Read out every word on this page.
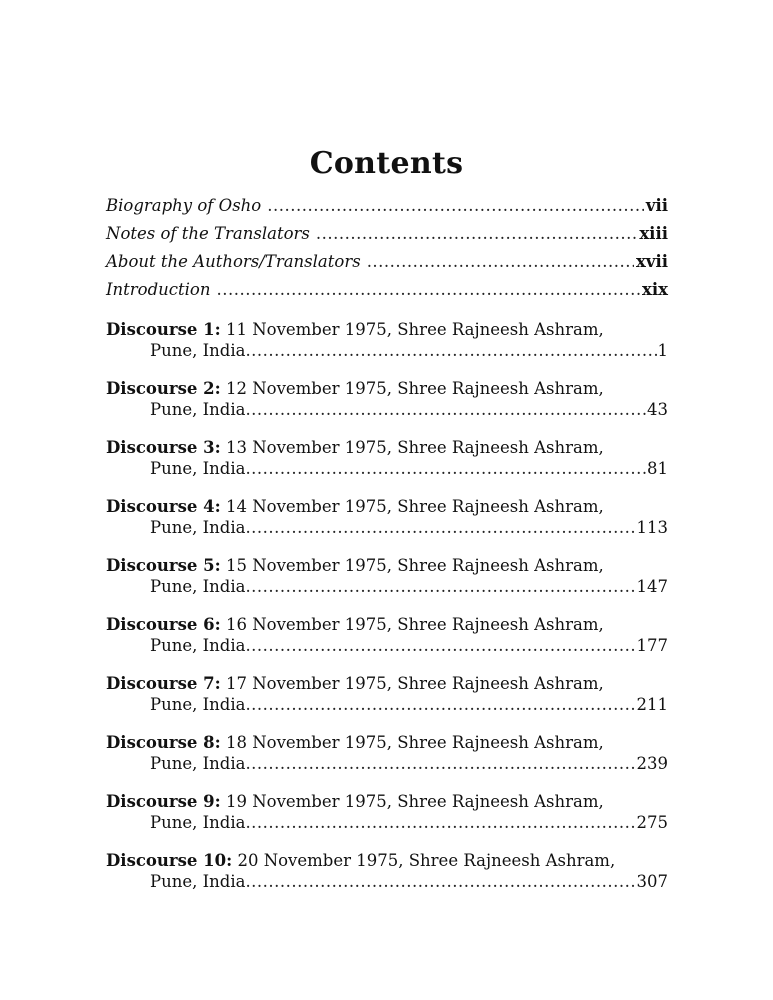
Contents
Biography of Osho .....	vii
Notes of the Translators .....	xiii
About the Authors/Translators .....	xvii
Introduction .....	xix
Discourse 1: 11 November 1975, Shree Rajneesh Ashram,
Pune, India .....	1
Discourse 2: 12 November 1975, Shree Rajneesh Ashram,
Pune, India .....	43
Discourse 3: 13 November 1975, Shree Rajneesh Ashram,
Pune, India .....	81
Discourse 4: 14 November 1975, Shree Rajneesh Ashram,
Pune, India .....	113
Discourse 5: 15 November 1975, Shree Rajneesh Ashram,
Pune, India .....	147
Discourse 6: 16 November 1975, Shree Rajneesh Ashram,
Pune, India .....	177
Discourse 7: 17 November 1975, Shree Rajneesh Ashram,
Pune, India .....	211
Discourse 8: 18 November 1975, Shree Rajneesh Ashram,
Pune, India .....	239
Discourse 9: 19 November 1975, Shree Rajneesh Ashram,
Pune, India .....	275
Discourse 10: 20 November 1975, Shree Rajneesh Ashram,
Pune, India .....	307
